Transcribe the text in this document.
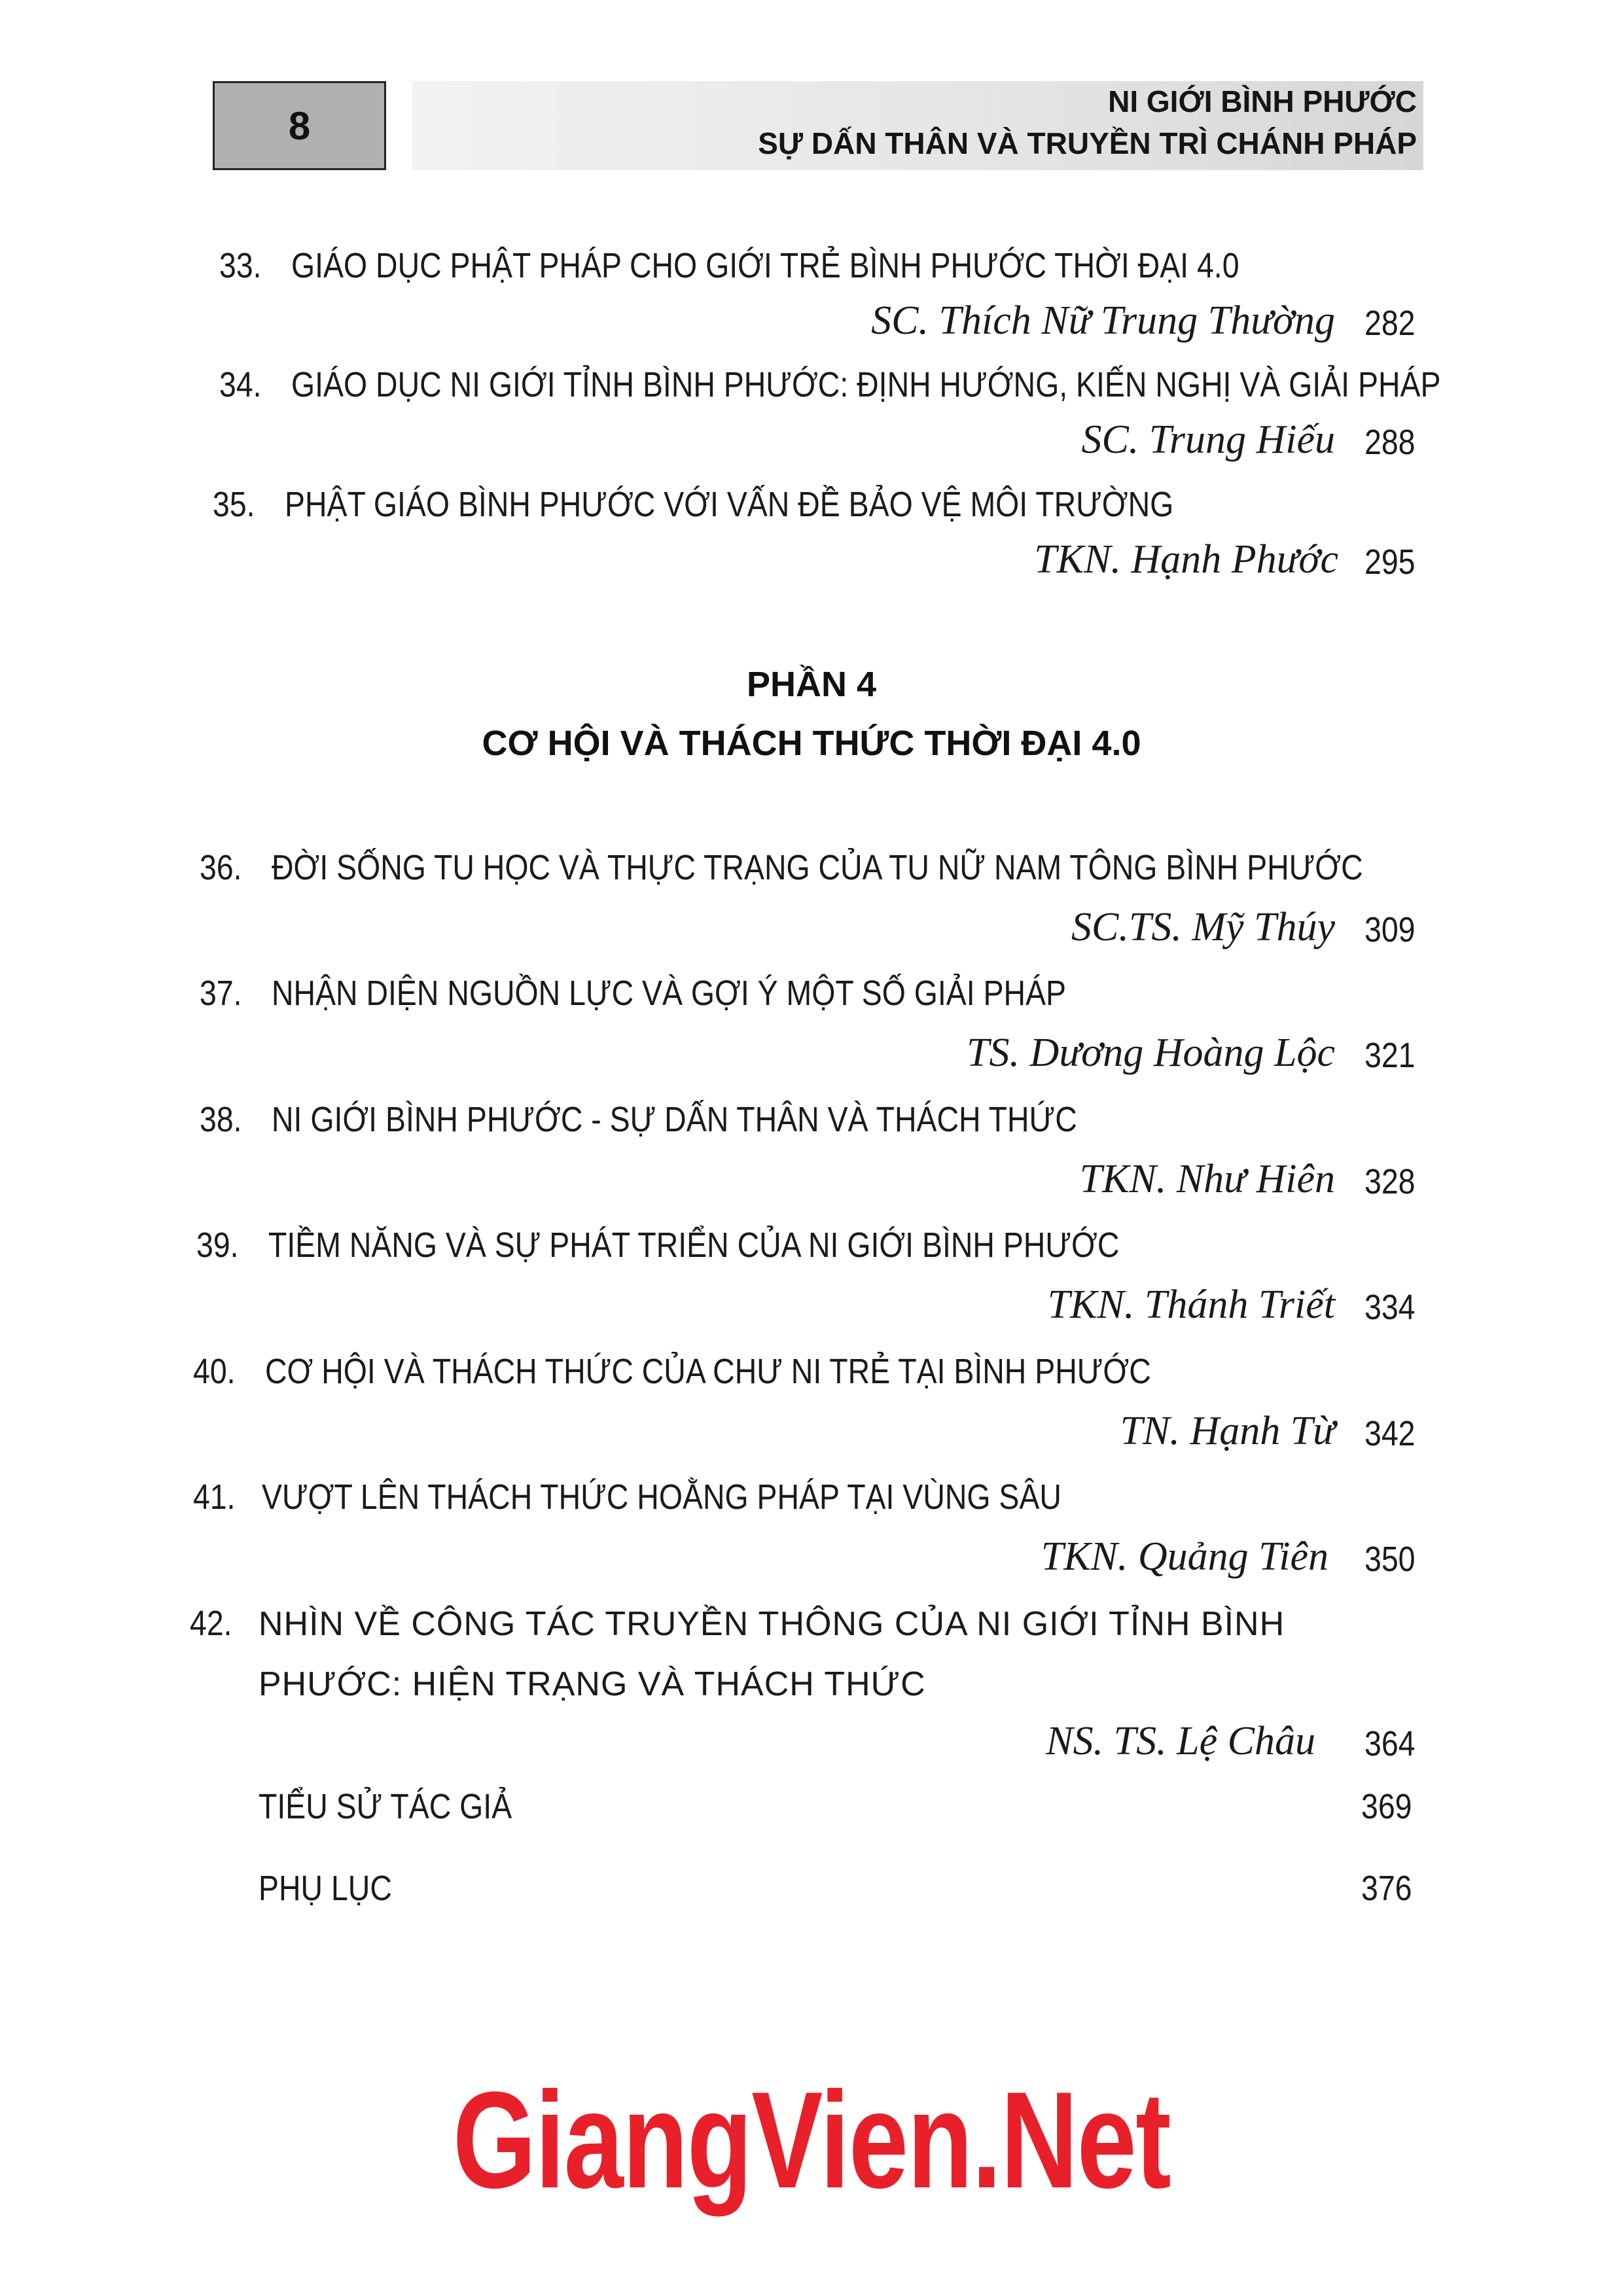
8
NI GIỚI BÌNH PHƯỚC
SỰ DẤN THÂN VÀ TRUYỀN TRÌ CHÁNH PHÁP
33. GIÁO DỤC PHẬT PHÁP CHO GIỚI TRẺ BÌNH PHƯỚC THỜI ĐẠI 4.0
SC. Thích Nữ Trung Thường 282
34. GIÁO DỤC NI GIỚI TỈNH BÌNH PHƯỚC: ĐỊNH HƯỚNG, KIẾN NGHỊ VÀ GIẢI PHÁP
SC. Trung Hiếu 288
35. PHẬT GIÁO BÌNH PHƯỚC VỚI VẤN ĐỀ BẢO VỆ MÔI TRƯỜNG
TKN. Hạnh Phước 295
PHẦN 4
CƠ HỘI VÀ THÁCH THỨC THỜI ĐẠI 4.0
36. ĐỜI SỐNG TU HỌC VÀ THỰC TRẠNG CỦA TU NỮ NAM TÔNG BÌNH PHƯỚC
SC.TS. Mỹ Thúy 309
37. NHẬN DIỆN NGUỒN LỰC VÀ GỢI Ý MỘT SỐ GIẢI PHÁP
TS. Dương Hoàng Lộc 321
38. NI GIỚI BÌNH PHƯỚC - SỰ DẤN THÂN VÀ THÁCH THỨC
TKN. Như Hiên 328
39. TIỀM NĂNG VÀ SỰ PHÁT TRIỂN CỦA NI GIỚI BÌNH PHƯỚC
TKN. Thánh Triết 334
40. CƠ HỘI VÀ THÁCH THỨC CỦA CHƯ NI TRẺ TẠI BÌNH PHƯỚC
TN. Hạnh Từ 342
41. VƯỢT LÊN THÁCH THỨC HOẰNG PHÁP TẠI VÙNG SÂU
TKN. Quảng Tiên 350
42. NHÌN VỀ CÔNG TÁC TRUYỀN THÔNG CỦA NI GIỚI TỈNH BÌNH PHƯỚC: HIỆN TRẠNG VÀ THÁCH THỨC
NS. TS. Lệ Châu 364
TIỂU SỬ TÁC GIẢ	369
PHỤ LỤC	376
GiangVien.Net
